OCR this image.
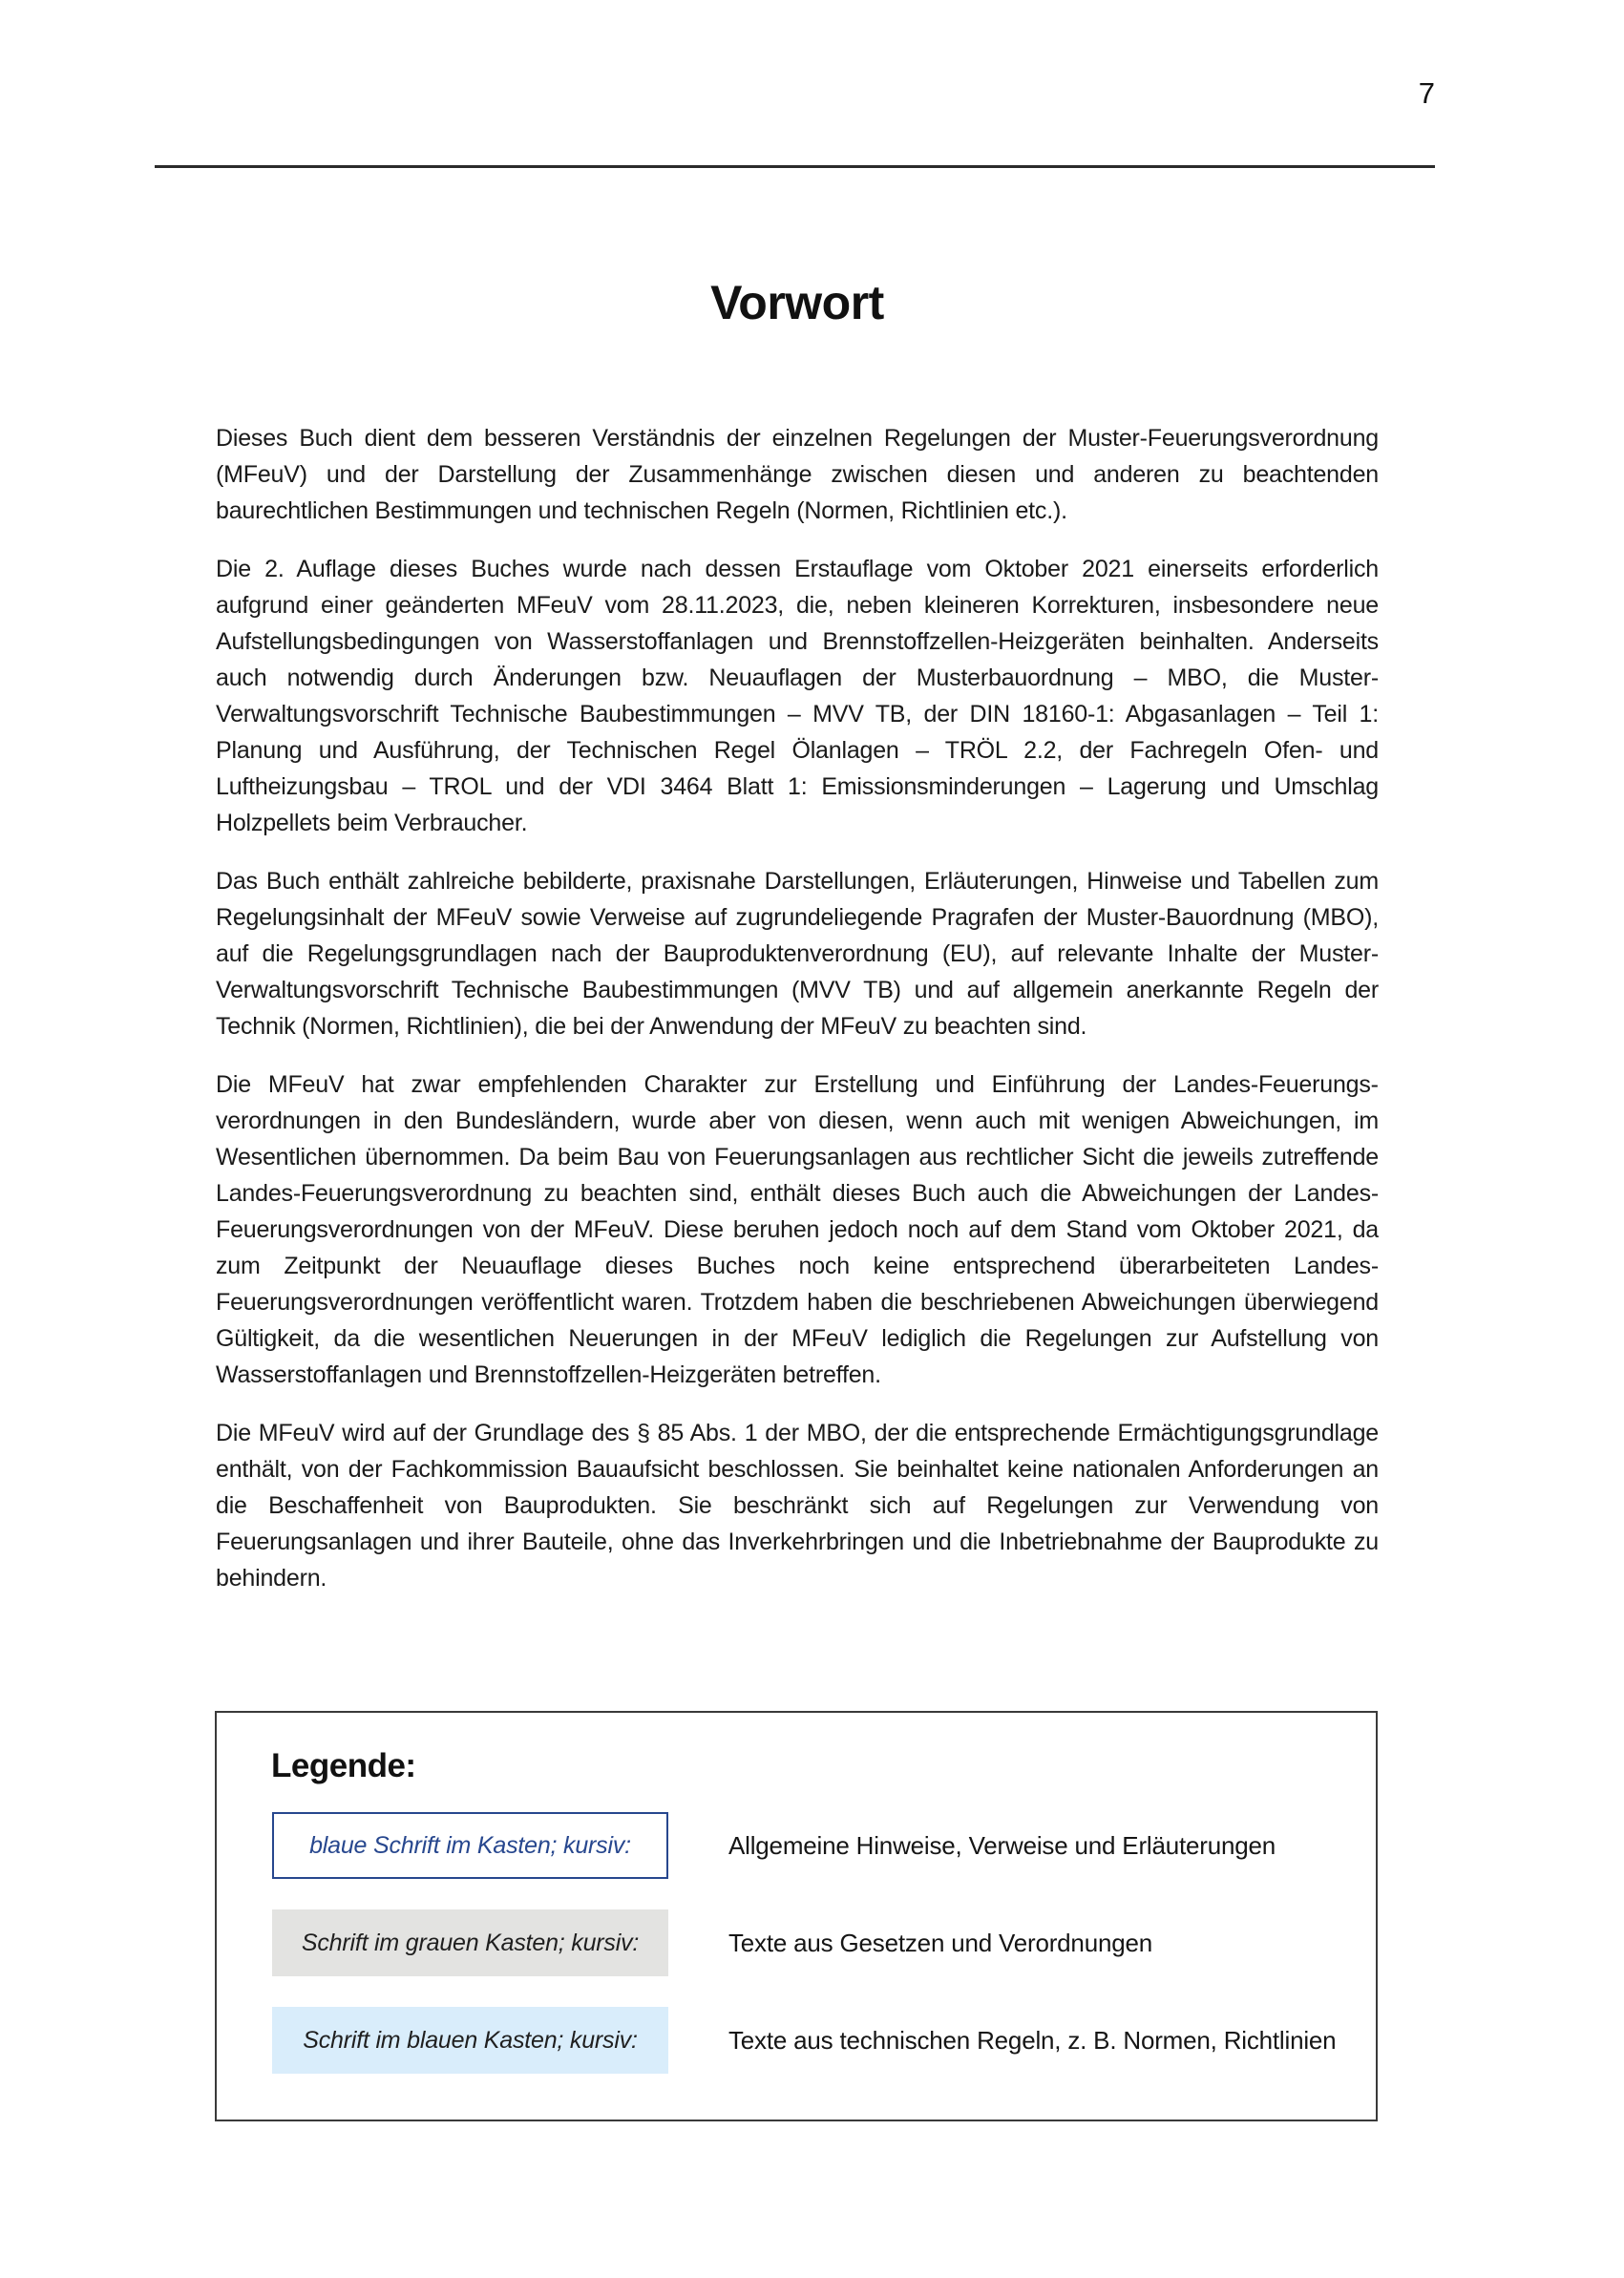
7
Vorwort

Dieses Buch dient dem besseren Verständnis der einzelnen Regelungen der Muster-Feuerungsverordnung (MFeuV) und der Darstellung der Zusammenhänge zwischen diesen und anderen zu beachtenden baurechtlichen Bestimmungen und technischen Regeln (Normen, Richtlinien etc.).

Die 2. Auflage dieses Buches wurde nach dessen Erstauflage vom Oktober 2021 einerseits erforderlich aufgrund einer geänderten MFeuV vom 28.11.2023, die, neben kleineren Korrekturen, insbesondere neue Aufstellungsbedingungen von Wasserstoffanlagen und Brennstoffzellen-Heizgeräten beinhalten. Anderseits auch notwendig durch Änderungen bzw. Neuauflagen der Musterbauordnung – MBO, die Muster-Verwaltungsvorschrift Technische Baubestimmungen – MVV TB, der DIN 18160-1: Abgasanlagen – Teil 1: Planung und Ausführung, der Technischen Regel Ölanlagen – TRÖL 2.2, der Fachregeln Ofen- und Luftheizungsbau – TROL und der VDI 3464 Blatt 1: Emissionsminderungen – Lagerung und Umschlag Holzpellets beim Verbraucher.

Das Buch enthält zahlreiche bebilderte, praxisnahe Darstellungen, Erläuterungen, Hinweise und Tabellen zum Regelungsinhalt der MFeuV sowie Verweise auf zugrundeliegende Pragrafen der Muster-Bauordnung (MBO), auf die Regelungsgrundlagen nach der Bauproduktenverordnung (EU), auf relevante Inhalte der Muster-Verwaltungsvorschrift Technische Baubestimmungen (MVV TB) und auf allgemein anerkannte Regeln der Technik (Normen, Richtlinien), die bei der Anwendung der MFeuV zu beachten sind.

Die MFeuV hat zwar empfehlenden Charakter zur Erstellung und Einführung der Landes-Feuerungsverordnungen in den Bundesländern, wurde aber von diesen, wenn auch mit wenigen Abweichungen, im Wesentlichen übernommen. Da beim Bau von Feuerungsanlagen aus rechtlicher Sicht die jeweils zutreffende Landes-Feuerungsverordnung zu beachten sind, enthält dieses Buch auch die Abweichungen der Landes-Feuerungsverordnungen von der MFeuV. Diese beruhen jedoch noch auf dem Stand vom Oktober 2021, da zum Zeitpunkt der Neuauflage dieses Buches noch keine entsprechend überarbeiteten Landes-Feuerungsverordnungen veröffentlicht waren. Trotzdem haben die beschriebenen Abweichungen überwiegend Gültigkeit, da die wesentlichen Neuerungen in der MFeuV lediglich die Regelungen zur Aufstellung von Wasserstoffanlagen und Brennstoffzellen-Heizgeräten betreffen.

Die MFeuV wird auf der Grundlage des § 85 Abs. 1 der MBO, der die entsprechende Ermächtigungsgrundlage enthält, von der Fachkommission Bauaufsicht beschlossen. Sie beinhaltet keine nationalen Anforderungen an die Beschaffenheit von Bauprodukten. Sie beschränkt sich auf Regelungen zur Verwendung von Feuerungsanlagen und ihrer Bauteile, ohne das Inverkehrbringen und die Inbetriebnahme der Bauprodukte zu behindern.

Legende:
blaue Schrift im Kasten; kursiv:	Allgemeine Hinweise, Verweise und Erläuterungen
Schrift im grauen Kasten; kursiv:	Texte aus Gesetzen und Verordnungen
Schrift im blauen Kasten; kursiv:	Texte aus technischen Regeln, z. B. Normen, Richtlinien
